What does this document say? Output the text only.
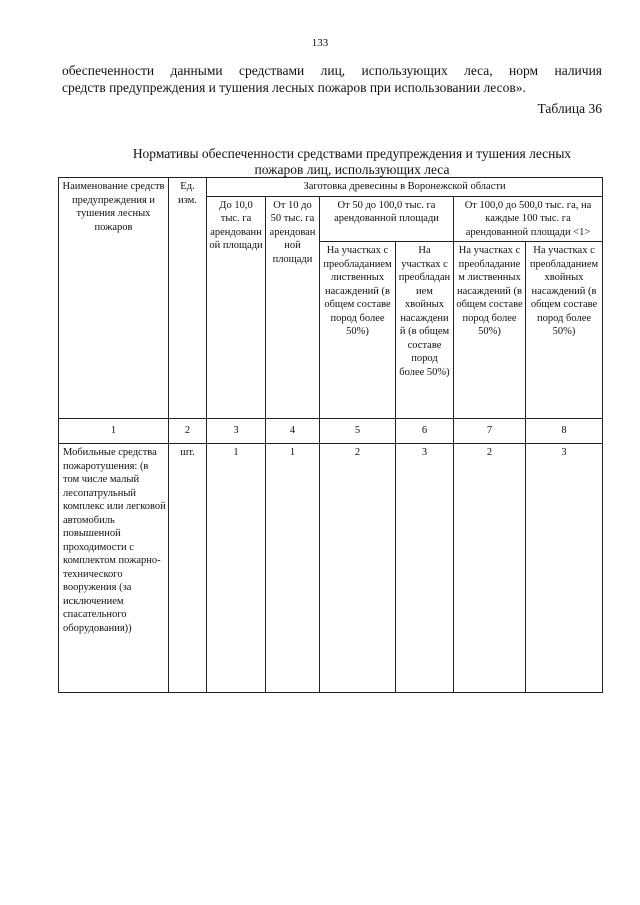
133
обеспеченности данными средствами лиц, использующих леса, норм наличия
средств предупреждения и тушения лесных пожаров при использовании лесов».
Таблица 36
Нормативы обеспеченности средствами предупреждения и тушения лесных
пожаров лиц, использующих леса
Наименование средств предупреждения и тушения лесных пожаров	Ед. изм.	Заготовка древесины в Воронежской области					
		До 10,0 тыс. га арендованной площади	От 10 до 50 тыс. га арендованной площади	От 50 до 100,0 тыс. га арендованной площади		От 100,0 до 500,0 тыс. га, на каждые 100 тыс. га арендованной площади <1>	
				На участках с преобладанием лиственных насаждений (в общем составе пород более 50%)	На участках с преобладанием хвойных насаждений (в общем составе пород более 50%)	На участках с преобладанием лиственных насаждений (в общем составе пород более 50%)	На участках с преобладанием хвойных насаждений (в общем составе пород более 50%)
1	2	3	4	5	6	7	8
Мобильные средства пожаротушения: (в том числе малый лесопатрульный комплекс или легковой автомобиль повышенной проходимости с комплектом пожарно-технического вооружения (за исключением спасательного оборудования))	шт.	1	1	2	3	2	3
